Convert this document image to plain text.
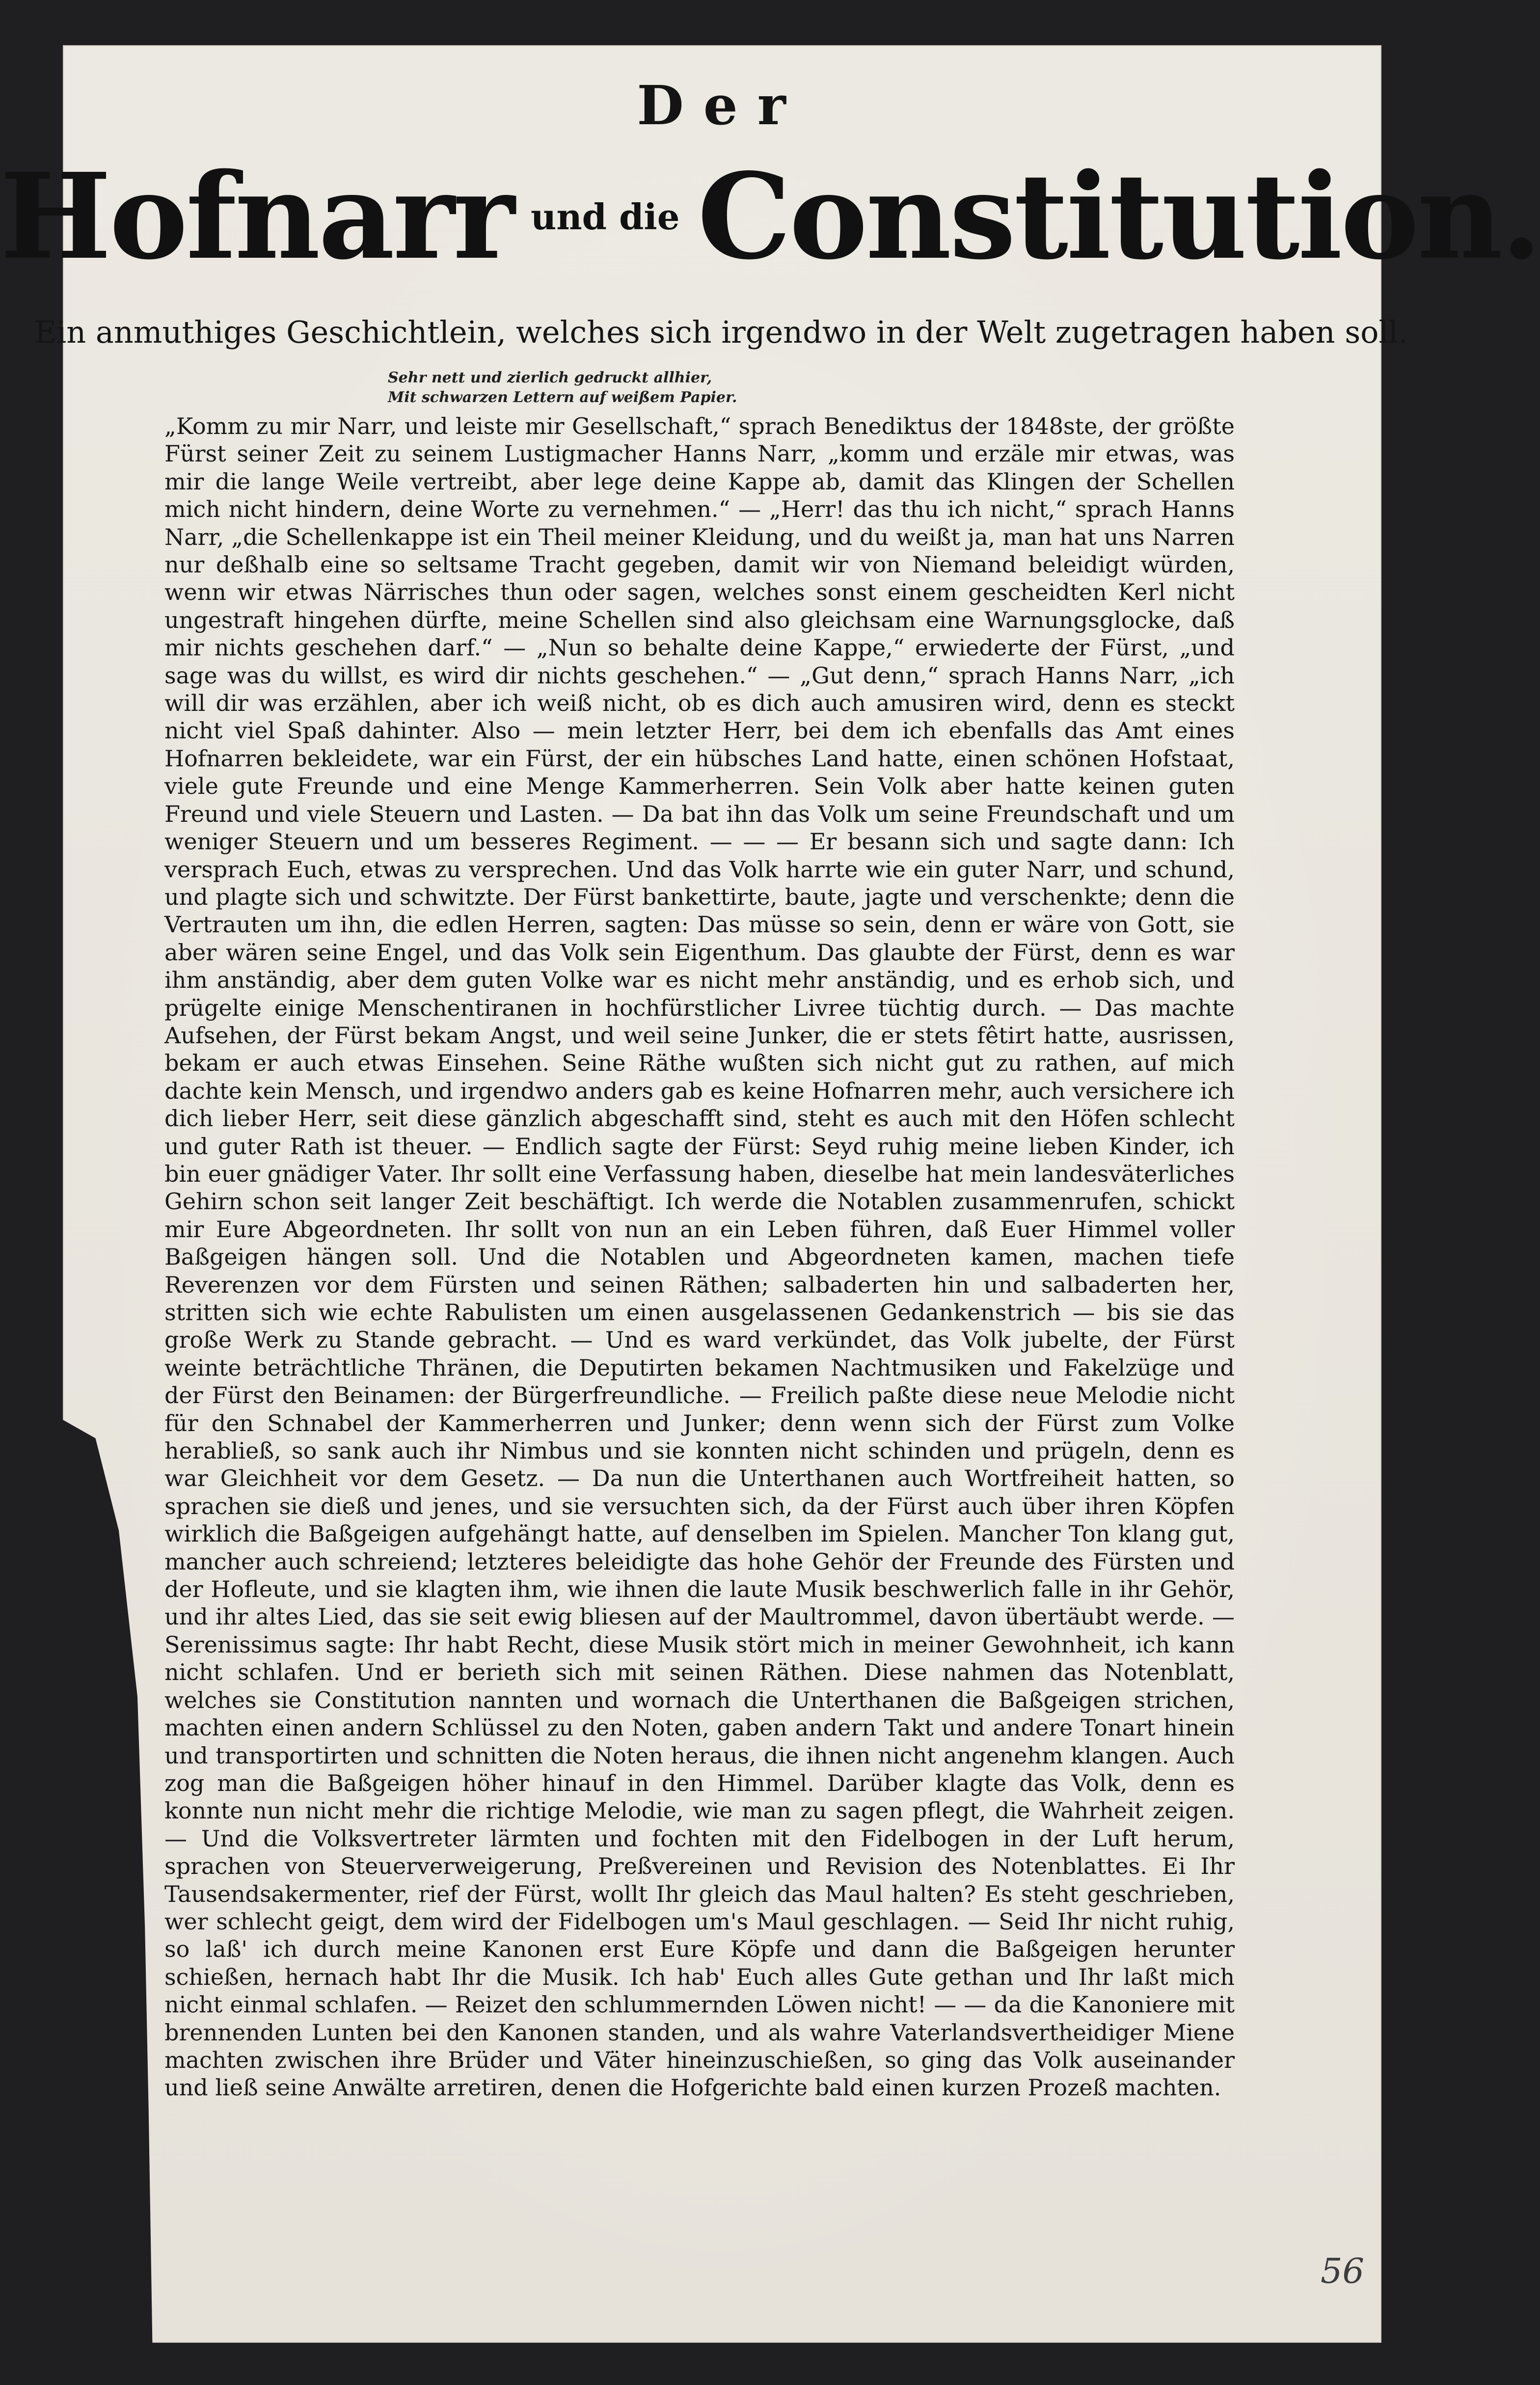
Der
Hofnarr und die Constitution.
Ein anmuthiges Geschichtlein, welches sich irgendwo in der Welt zugetragen haben soll.
Sehr nett und zierlich gedruckt allhier,
Mit schwarzen Lettern auf weißem Papier.
„Komm zu mir Narr, und leiste mir Gesellschaft,“ sprach Benediktus der 1848ste, der größte Fürst seiner Zeit zu seinem Lustigmacher Hanns Narr, „komm und erzäle mir etwas, was mir die lange Weile vertreibt, aber lege deine Kappe ab, damit das Klingen der Schellen mich nicht hindern, deine Worte zu vernehmen.“ — „Herr! das thu ich nicht,“ sprach Hanns Narr, „die Schellenkappe ist ein Theil meiner Kleidung, und du weißt ja, man hat uns Narren nur deßhalb eine so seltsame Tracht gegeben, damit wir von Niemand beleidigt würden, wenn wir etwas Närrisches thun oder sagen, welches sonst einem gescheidten Kerl nicht ungestraft hingehen dürfte, meine Schellen sind also gleichsam eine Warnungsglocke, daß mir nichts geschehen darf.“ — „Nun so behalte deine Kappe,“ erwiederte der Fürst, „und sage was du willst, es wird dir nichts geschehen.“ — „Gut denn,“ sprach Hanns Narr, „ich will dir was erzählen, aber ich weiß nicht, ob es dich auch amusiren wird, denn es steckt nicht viel Spaß dahinter. Also — mein letzter Herr, bei dem ich ebenfalls das Amt eines Hofnarren bekleidete, war ein Fürst, der ein hübsches Land hatte, einen schönen Hofstaat, viele gute Freunde und eine Menge Kammerherren. Sein Volk aber hatte keinen guten Freund und viele Steuern und Lasten. — Da bat ihn das Volk um seine Freundschaft und um weniger Steuern und um besseres Regiment. — — — Er besann sich und sagte dann: Ich versprach Euch, etwas zu versprechen. Und das Volk harrte wie ein guter Narr, und schund, und plagte sich und schwitzte. Der Fürst bankettirte, baute, jagte und verschenkte; denn die Vertrauten um ihn, die edlen Herren, sagten: Das müsse so sein, denn er wäre von Gott, sie aber wären seine Engel, und das Volk sein Eigenthum. Das glaubte der Fürst, denn es war ihm anständig, aber dem guten Volke war es nicht mehr anständig, und es erhob sich, und prügelte einige Menschentiranen in hochfürstlicher Livree tüchtig durch. — Das machte Aufsehen, der Fürst bekam Angst, und weil seine Junker, die er stets fêtirt hatte, ausrissen, bekam er auch etwas Einsehen. Seine Räthe wußten sich nicht gut zu rathen, auf mich dachte kein Mensch, und irgendwo anders gab es keine Hofnarren mehr, auch versichere ich dich lieber Herr, seit diese gänzlich abgeschafft sind, steht es auch mit den Höfen schlecht und guter Rath ist theuer. — Endlich sagte der Fürst: Seyd ruhig meine lieben Kinder, ich bin euer gnädiger Vater. Ihr sollt eine Verfassung haben, dieselbe hat mein landesväterliches Gehirn schon seit langer Zeit beschäftigt. Ich werde die Notablen zusammenrufen, schickt mir Eure Abgeordneten. Ihr sollt von nun an ein Leben führen, daß Euer Himmel voller Baßgeigen hängen soll. Und die Notablen und Abgeordneten kamen, machen tiefe Reverenzen vor dem Fürsten und seinen Räthen; salbaderten hin und salbaderten her, stritten sich wie echte Rabulisten um einen ausgelassenen Gedankenstrich — bis sie das große Werk zu Stande gebracht. — Und es ward verkündet, das Volk jubelte, der Fürst weinte beträchtliche Thränen, die Deputirten bekamen Nachtmusiken und Fakelzüge und der Fürst den Beinamen: der Bürgerfreundliche. — Freilich paßte diese neue Melodie nicht für den Schnabel der Kammerherren und Junker; denn wenn sich der Fürst zum Volke herabließ, so sank auch ihr Nimbus und sie konnten nicht schinden und prügeln, denn es war Gleichheit vor dem Gesetz. — Da nun die Unterthanen auch Wortfreiheit hatten, so sprachen sie dieß und jenes, und sie versuchten sich, da der Fürst auch über ihren Köpfen wirklich die Baßgeigen aufgehängt hatte, auf denselben im Spielen. Mancher Ton klang gut, mancher auch schreiend; letzteres beleidigte das hohe Gehör der Freunde des Fürsten und der Hofleute, und sie klagten ihm, wie ihnen die laute Musik beschwerlich falle in ihr Gehör, und ihr altes Lied, das sie seit ewig bliesen auf der Maultrommel, davon übertäubt werde. — Serenissimus sagte: Ihr habt Recht, diese Musik stört mich in meiner Gewohnheit, ich kann nicht schlafen. Und er berieth sich mit seinen Räthen. Diese nahmen das Notenblatt, welches sie Constitution nannten und wornach die Unterthanen die Baßgeigen strichen, machten einen andern Schlüssel zu den Noten, gaben andern Takt und andere Tonart hinein und transportirten und schnitten die Noten heraus, die ihnen nicht angenehm klangen. Auch zog man die Baßgeigen höher hinauf in den Himmel. Darüber klagte das Volk, denn es konnte nun nicht mehr die richtige Melodie, wie man zu sagen pflegt, die Wahrheit zeigen. — Und die Volksvertreter lärmten und fochten mit den Fidelbogen in der Luft herum, sprachen von Steuerverweigerung, Preßvereinen und Revision des Notenblattes. Ei Ihr Tausendsakermenter, rief der Fürst, wollt Ihr gleich das Maul halten? Es steht geschrieben, wer schlecht geigt, dem wird der Fidelbogen um's Maul geschlagen. — Seid Ihr nicht ruhig, so laß' ich durch meine Kanonen erst Eure Köpfe und dann die Baßgeigen herunter schießen, hernach habt Ihr die Musik. Ich hab' Euch alles Gute gethan und Ihr laßt mich nicht einmal schlafen. — Reizet den schlummernden Löwen nicht! — — da die Kanoniere mit brennenden Lunten bei den Kanonen standen, und als wahre Vaterlandsvertheidiger Miene machten zwischen ihre Brüder und Väter hineinzuschießen, so ging das Volk auseinander und ließ seine Anwälte arretiren, denen die Hofgerichte bald einen kurzen Prozeß machten.
56
